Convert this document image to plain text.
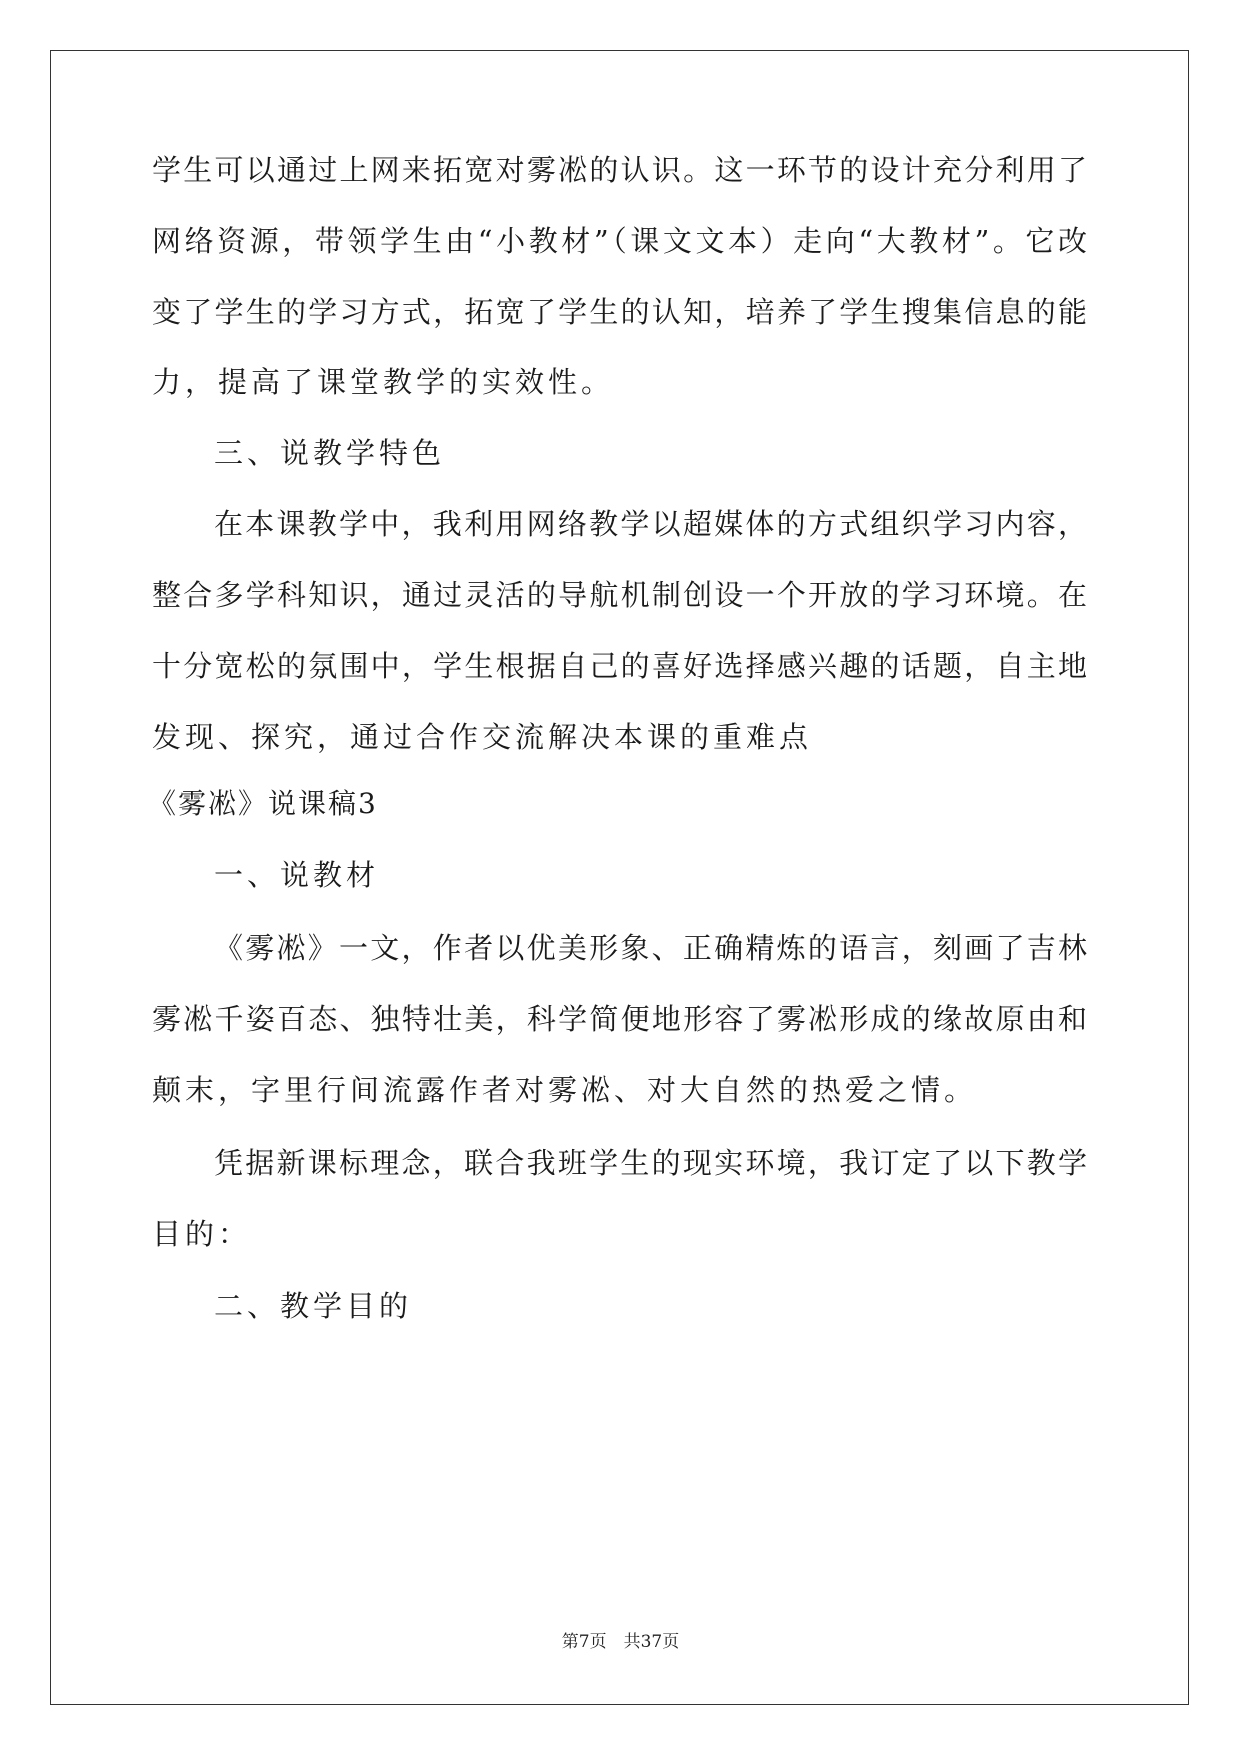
学生可以通过上网来拓宽对雾凇的认识。这一环节的设计充分利用了
网络资源，带领学生由“小教材”（课文文本）走向“大教材”。它改
变了学生的学习方式，拓宽了学生的认知，培养了学生搜集信息的能
力，提高了课堂教学的实效性。
三、说教学特色
在本课教学中，我利用网络教学以超媒体的方式组织学习内容，
整合多学科知识，通过灵活的导航机制创设一个开放的学习环境。在
十分宽松的氛围中，学生根据自己的喜好选择感兴趣的话题，自主地
发现、探究，通过合作交流解决本课的重难点
《雾凇》说课稿3
一、说教材
《雾凇》一文，作者以优美形象、正确精炼的语言，刻画了吉林
雾凇千姿百态、独特壮美，科学简便地形容了雾凇形成的缘故原由和
颠末，字里行间流露作者对雾凇、对大自然的热爱之情。
凭据新课标理念，联合我班学生的现实环境，我订定了以下教学
目的：
二、教学目的
第7页　共37页
